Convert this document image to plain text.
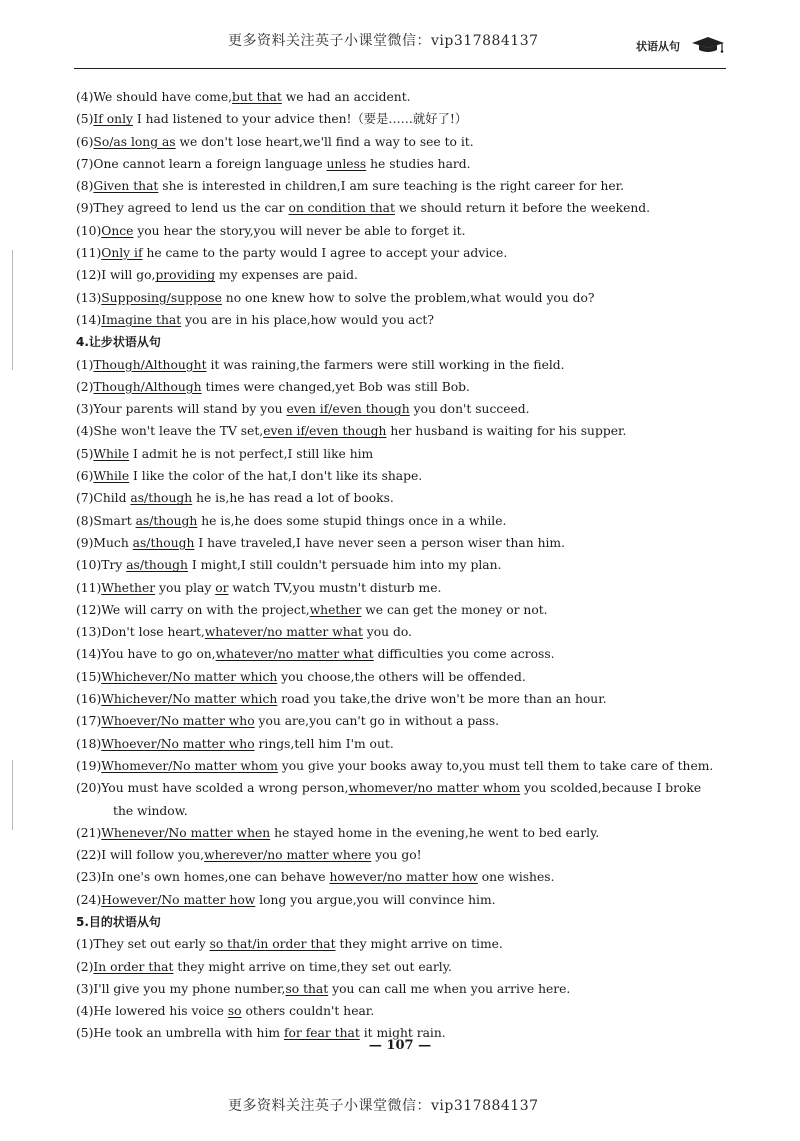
更多资料关注英子小课堂微信：vip317884137	状语从句
(4)We should have come,but that we had an accident.
(5)If only I had listened to your advice then!（要是……就好了!）
(6)So/as long as we don't lose heart,we'll find a way to see to it.
(7)One cannot learn a foreign language unless he studies hard.
(8)Given that she is interested in children,I am sure teaching is the right career for her.
(9)They agreed to lend us the car on condition that we should return it before the weekend.
(10)Once you hear the story,you will never be able to forget it.
(11)Only if he came to the party would I agree to accept your advice.
(12)I will go,providing my expenses are paid.
(13)Supposing/suppose no one knew how to solve the problem,what would you do?
(14)Imagine that you are in his place,how would you act?
4.让步状语从句
(1)Though/Althought it was raining,the farmers were still working in the field.
(2)Though/Although times were changed,yet Bob was still Bob.
(3)Your parents will stand by you even if/even though you don't succeed.
(4)She won't leave the TV set,even if/even though her husband is waiting for his supper.
(5)While I admit he is not perfect,I still like him
(6)While I like the color of the hat,I don't like its shape.
(7)Child as/though he is,he has read a lot of books.
(8)Smart as/though he is,he does some stupid things once in a while.
(9)Much as/though I have traveled,I have never seen a person wiser than him.
(10)Try as/though I might,I still couldn't persuade him into my plan.
(11)Whether you play or watch TV,you mustn't disturb me.
(12)We will carry on with the project,whether we can get the money or not.
(13)Don't lose heart,whatever/no matter what you do.
(14)You have to go on,whatever/no matter what difficulties you come across.
(15)Whichever/No matter which you choose,the others will be offended.
(16)Whichever/No matter which road you take,the drive won't be more than an hour.
(17)Whoever/No matter who you are,you can't go in without a pass.
(18)Whoever/No matter who rings,tell him I'm out.
(19)Whomever/No matter whom you give your books away to,you must tell them to take care of them.
(20)You must have scolded a wrong person,whomever/no matter whom you scolded,because I broke
the window.
(21)Whenever/No matter when he stayed home in the evening,he went to bed early.
(22)I will follow you,wherever/no matter where you go!
(23)In one's own homes,one can behave however/no matter how one wishes.
(24)However/No matter how long you argue,you will convince him.
5.目的状语从句
(1)They set out early so that/in order that they might arrive on time.
(2)In order that they might arrive on time,they set out early.
(3)I'll give you my phone number,so that you can call me when you arrive here.
(4)He lowered his voice so others couldn't hear.
(5)He took an umbrella with him for fear that it might rain.
— 107 —
更多资料关注英子小课堂微信：vip317884137
